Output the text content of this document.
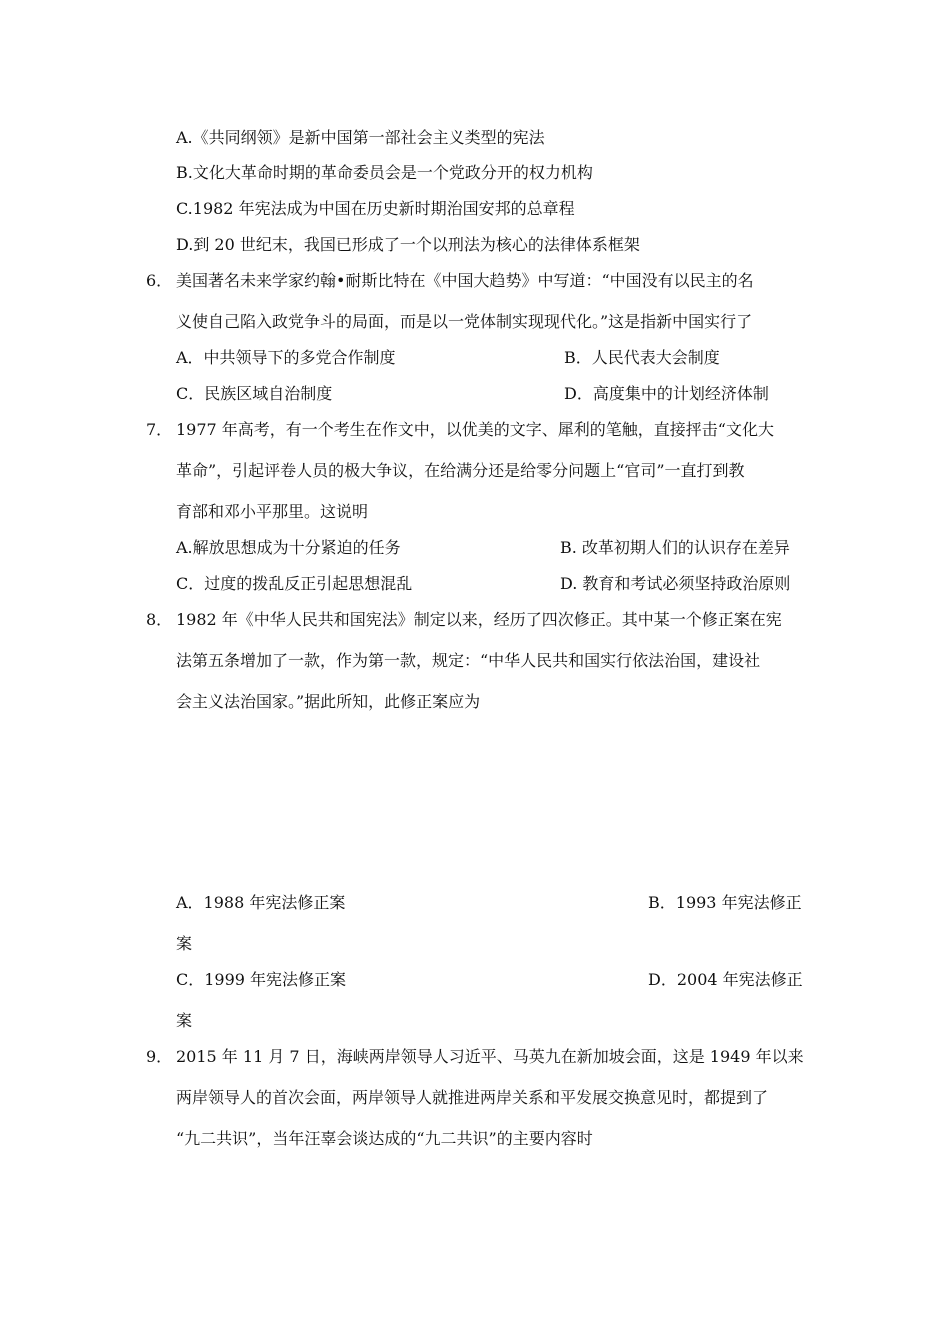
A.《共同纲领》是新中国第一部社会主义类型的宪法
B.文化大革命时期的革命委员会是一个党政分开的权力机构
C.1982 年宪法成为中国在历史新时期治国安邦的总章程
D.到 20 世纪末，我国已形成了一个以刑法为核心的法律体系框架
6． 美国著名未来学家约翰•耐斯比特在《中国大趋势》中写道：“中国没有以民主的名
义使自己陷入政党争斗的局面，而是以一党体制实现现代化。”这是指新中国实行了
A．中共领导下的多党合作制度	B．人民代表大会制度
C．民族区域自治制度	D．高度集中的计划经济体制
7． 1977 年高考，有一个考生在作文中，以优美的文字、犀利的笔触，直接抨击“文化大
革命”，引起评卷人员的极大争议，在给满分还是给零分问题上“官司”一直打到教
育部和邓小平那里。这说明
A.解放思想成为十分紧迫的任务	B. 改革初期人们的认识存在差异
C．过度的拨乱反正引起思想混乱	D. 教育和考试必须坚持政治原则
8． 1982 年《中华人民共和国宪法》制定以来，经历了四次修正。其中某一个修正案在宪
法第五条增加了一款，作为第一款，规定：“中华人民共和国实行依法治国，建设社
会主义法治国家。”据此所知，此修正案应为
A．1988 年宪法修正案	B．1993 年宪法修正
案
C．1999 年宪法修正案	D．2004 年宪法修正
案
9． 2015 年 11 月 7 日，海峡两岸领导人习近平、马英九在新加坡会面，这是 1949 年以来
两岸领导人的首次会面，两岸领导人就推进两岸关系和平发展交换意见时，都提到了
“九二共识”，当年汪辜会谈达成的“九二共识”的主要内容时
